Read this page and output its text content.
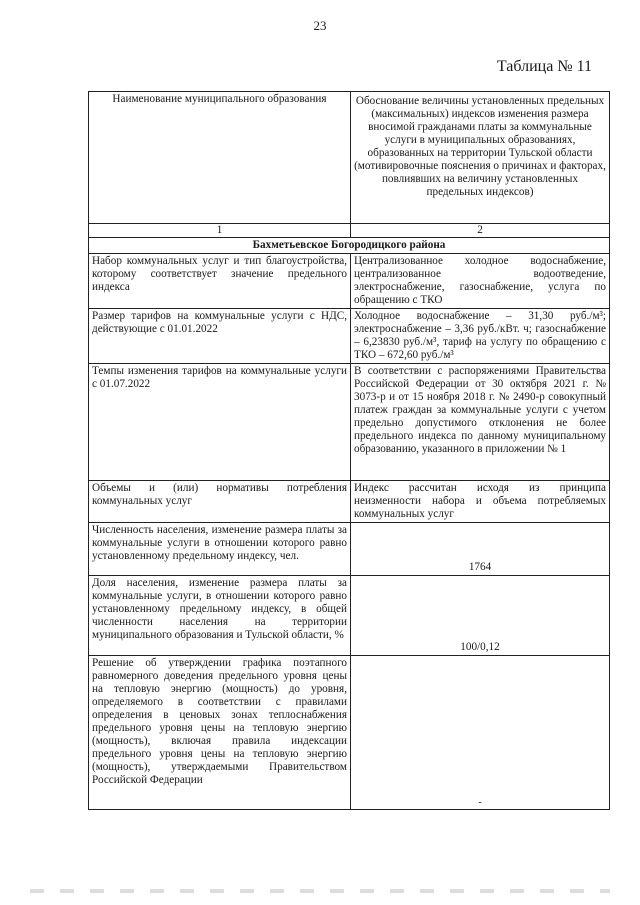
23
Таблица № 11
Наименование муниципального образования	Обоснование величины установленных предельных (максимальных) индексов изменения размера вносимой гражданами платы за коммунальные услуги в муниципальных образованиях, образованных на территории Тульской области (мотивировочные пояснения о причинах и факторах, повлиявших на величину установленных предельных индексов)
1	2
Бахметьевское Богородицкого района	
Набор коммунальных услуг и тип благоустройства, которому соответствует значение предельного индекса	Централизованное холодное водоснабжение, централизованное водоотведение, электроснабжение, газоснабжение, услуга по обращению с ТКО
Размер тарифов на коммунальные услуги с НДС, действующие с 01.01.2022	Холодное водоснабжение – 31,30 руб./м³; электроснабжение – 3,36 руб./кВт. ч; газоснабжение – 6,23830 руб./м³, тариф на услугу по обращению с ТКО – 672,60 руб./м³
Темпы изменения тарифов на коммунальные услуги с 01.07.2022	В соответствии с распоряжениями Правительства Российской Федерации от 30 октября 2021 г. № 3073-р и от 15 ноября 2018 г. № 2490-р совокупный платеж граждан за коммунальные услуги с учетом предельно допустимого отклонения не более предельного индекса по данному муниципальному образованию, указанного в приложении № 1
Объемы и (или) нормативы потребления коммунальных услуг	Индекс рассчитан исходя из принципа неизменности набора и объема потребляемых коммунальных услуг
Численность населения, изменение размера платы за коммунальные услуги в отношении которого равно установленному предельному индексу, чел.	1764
Доля населения, изменение размера платы за коммунальные услуги, в отношении которого равно установленному предельному индексу, в общей численности населения на территории муниципального образования и Тульской области, %	100/0,12
Решение об утверждении графика поэтапного равномерного доведения предельного уровня цены на тепловую энергию (мощность) до уровня, определяемого в соответствии с правилами определения в ценовых зонах теплоснабжения предельного уровня цены на тепловую энергию (мощность), включая правила индексации предельного уровня цены на тепловую энергию (мощность), утверждаемыми Правительством Российской Федерации	-
